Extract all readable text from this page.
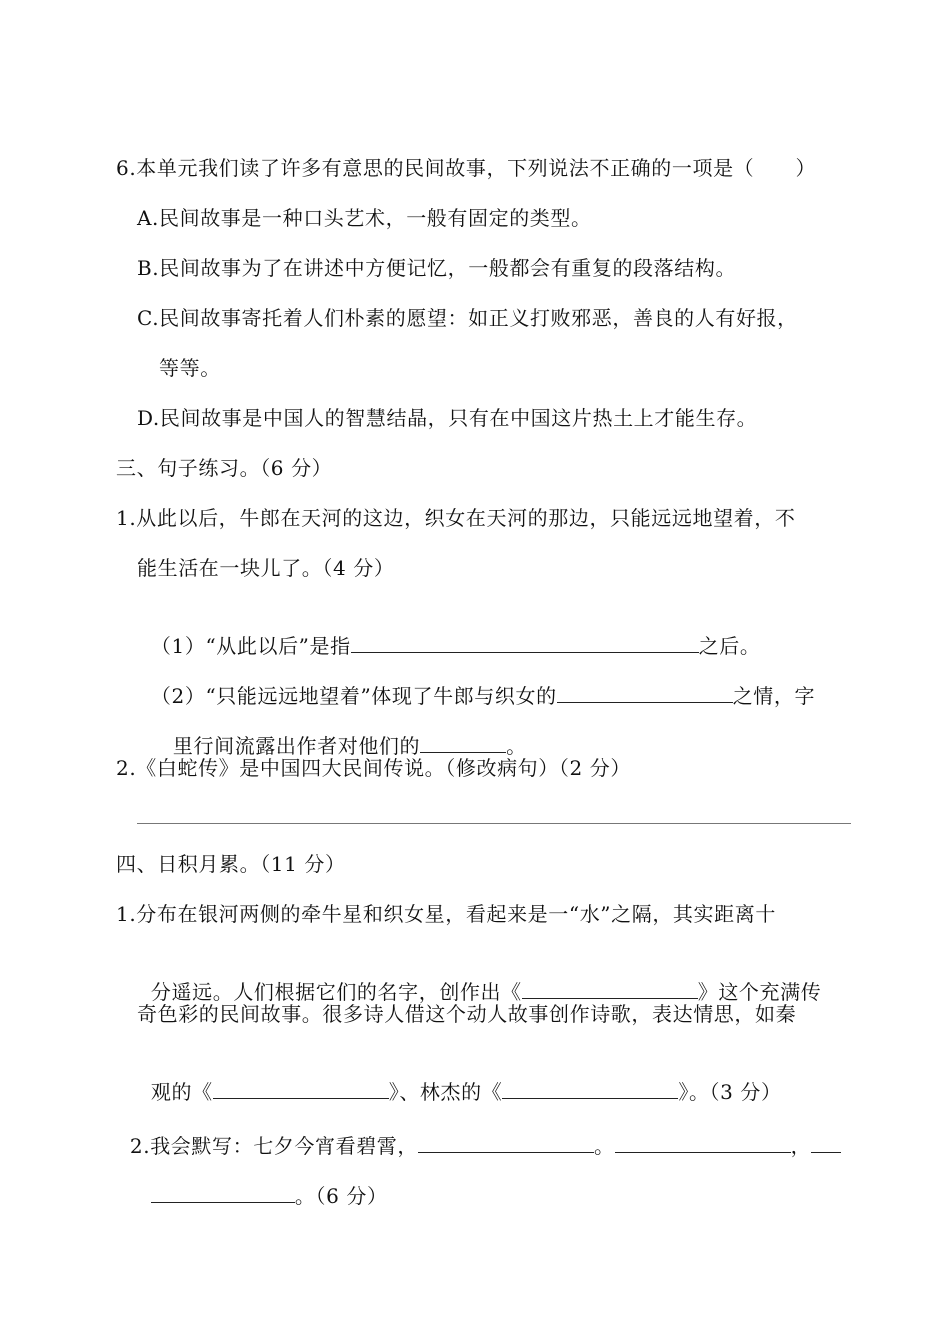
6.本单元我们读了许多有意思的民间故事，下列说法不正确的一项是（　　）
A.民间故事是一种口头艺术，一般有固定的类型。
B.民间故事为了在讲述中方便记忆，一般都会有重复的段落结构。
C.民间故事寄托着人们朴素的愿望：如正义打败邪恶，善良的人有好报，
等等。
D.民间故事是中国人的智慧结晶，只有在中国这片热土上才能生存。
三、句子练习。（6 分）
1.从此以后，牛郎在天河的这边，织女在天河的那边，只能远远地望着，不
能生活在一块儿了。（4 分）

（1）“从此以后”是指	之后。

（2）“只能远远地望着”体现了牛郎与织女的	之情，字

里行间流露出作者对他们的	。

2.《白蛇传》是中国四大民间传说。（修改病句）（2 分）
四、日积月累。（11 分）
1.分布在银河两侧的牵牛星和织女星，看起来是一“水”之隔，其实距离十

分遥远。人们根据它们的名字，创作出《	》这个充满传

奇色彩的民间故事。很多诗人借这个动人故事创作诗歌，表达情思，如秦

观的《	》、林杰的《	》。（3 分）

2.我会默写：七夕今宵看碧霄，	。	，

。（6 分）
